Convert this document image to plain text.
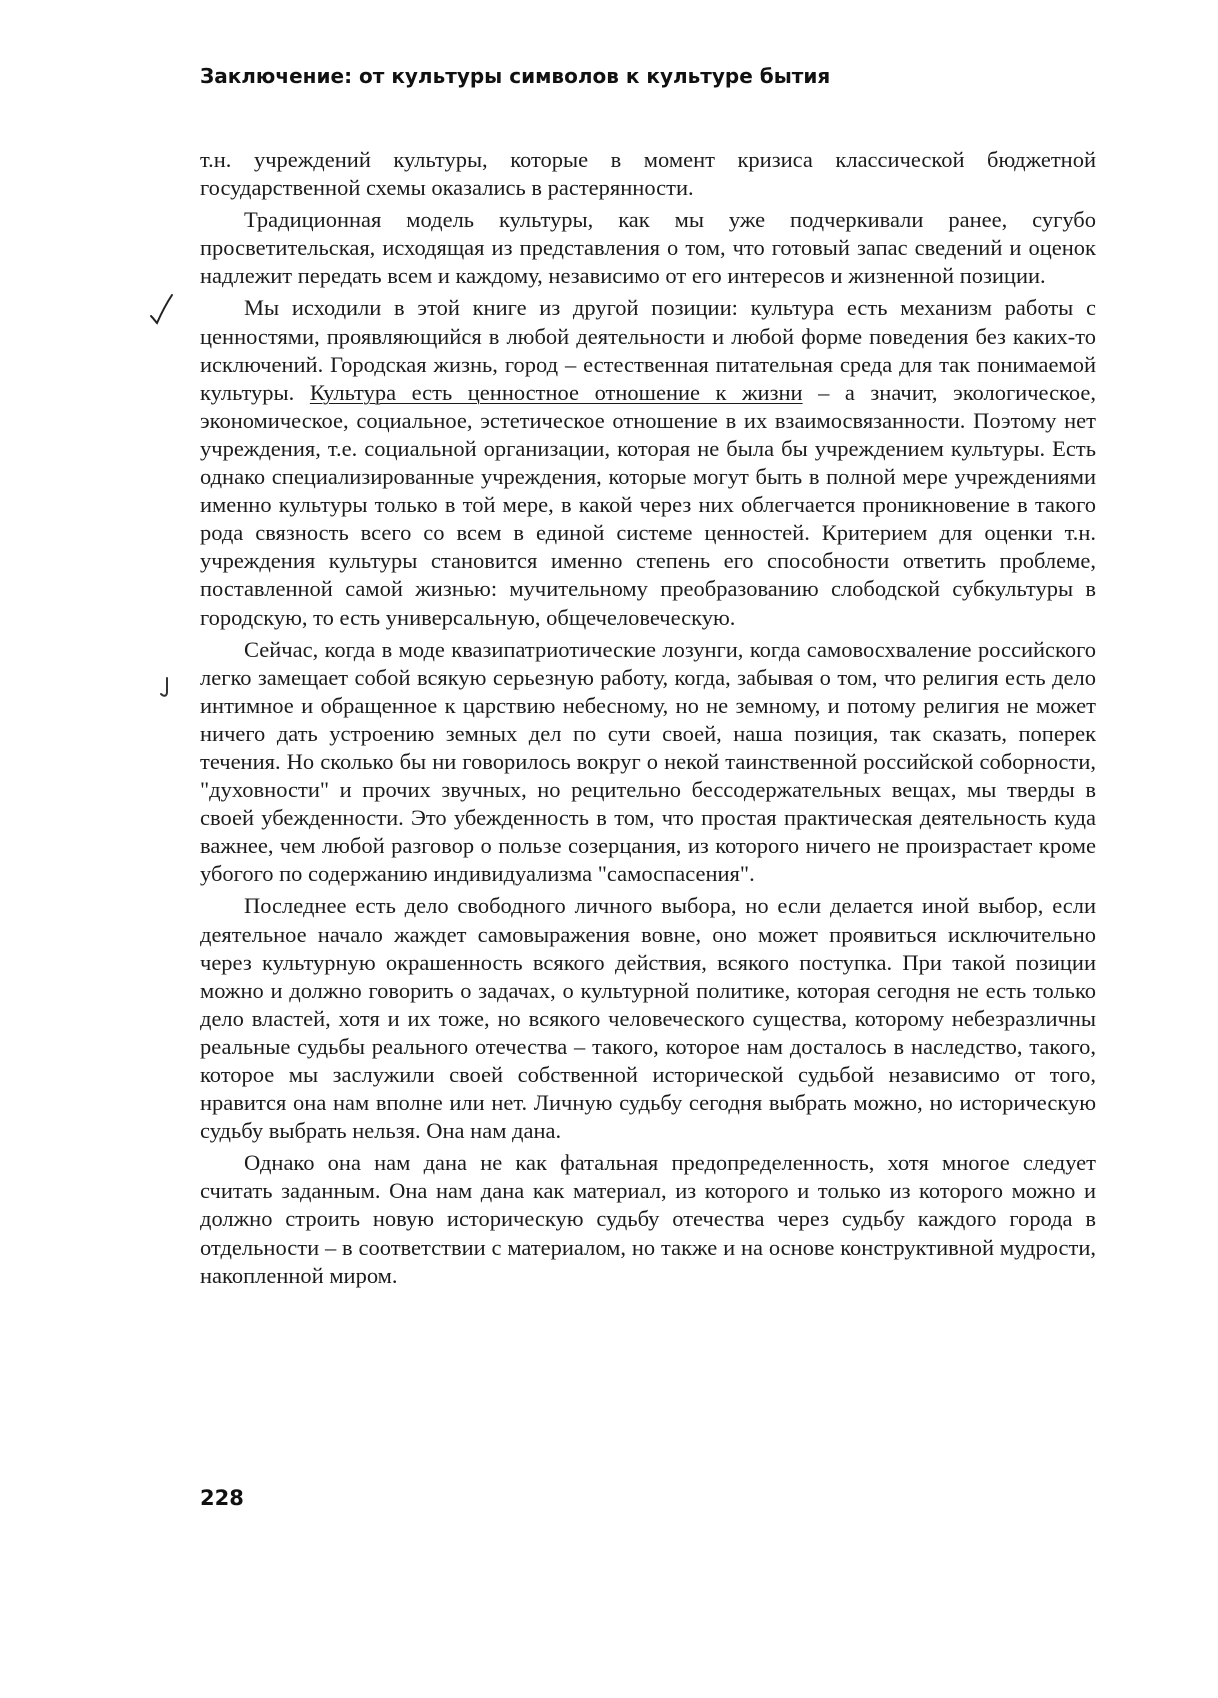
Заключение: от культуры символов к культуре бытия

т.н. учреждений культуры, которые в момент кризиса классической бюджетной государственной схемы оказались в растерянности.

Традиционная модель культуры, как мы уже подчеркивали ранее, сугубо просветительская, исходящая из представления о том, что готовый запас сведений и оценок надлежит передать всем и каждому, независимо от его интересов и жизненной позиции.

Мы исходили в этой книге из другой позиции: культура есть механизм работы с ценностями, проявляющийся в любой деятельности и любой форме поведения без каких-то исключений. Городская жизнь, город – естественная питательная среда для так понимаемой культуры. Культура есть ценностное отношение к жизни – а значит, экологическое, экономическое, социальное, эстетическое отношение в их взаимосвязанности. Поэтому нет учреждения, т.е. социальной организации, которая не была бы учреждением культуры. Есть однако специализированные учреждения, которые могут быть в полной мере учреждениями именно культуры только в той мере, в какой через них облегчается проникновение в такого рода связность всего со всем в единой системе ценностей. Критерием для оценки т.н. учреждения культуры становится именно степень его способности ответить проблеме, поставленной самой жизнью: мучительному преобразованию слободской субкультуры в городскую, то есть универсальную, общечеловеческую.

Сейчас, когда в моде квазипатриотические лозунги, когда самовосхваление российского легко замещает собой всякую серьезную работу, когда, забывая о том, что религия есть дело интимное и обращенное к царствию небесному, но не земному, и потому религия не может ничего дать устроению земных дел по сути своей, наша позиция, так сказать, поперек течения. Но сколько бы ни говорилось вокруг о некой таинственной российской соборности, "духовности" и прочих звучных, но рецительно бессодержательных вещах, мы тверды в своей убежденности. Это убежденность в том, что простая практическая деятельность куда важнее, чем любой разговор о пользе созерцания, из которого ничего не произрастает кроме убогого по содержанию индивидуализма "самоспасения".

Последнее есть дело свободного личного выбора, но если делается иной выбор, если деятельное начало жаждет самовыражения вовне, оно может проявиться исключительно через культурную окрашенность всякого действия, всякого поступка. При такой позиции можно и должно говорить о задачах, о культурной политике, которая сегодня не есть только дело властей, хотя и их тоже, но всякого человеческого существа, которому небезразличны реальные судьбы реального отечества – такого, которое нам досталось в наследство, такого, которое мы заслужили своей собственной исторической судьбой независимо от того, нравится она нам вполне или нет. Личную судьбу сегодня выбрать можно, но историческую судьбу выбрать нельзя. Она нам дана.

Однако она нам дана не как фатальная предопределенность, хотя многое следует считать заданным. Она нам дана как материал, из которого и только из которого можно и должно строить новую историческую судьбу отечества через судьбу каждого города в отдельности – в соответствии с материалом, но также и на основе конструктивной мудрости, накопленной миром.

228
